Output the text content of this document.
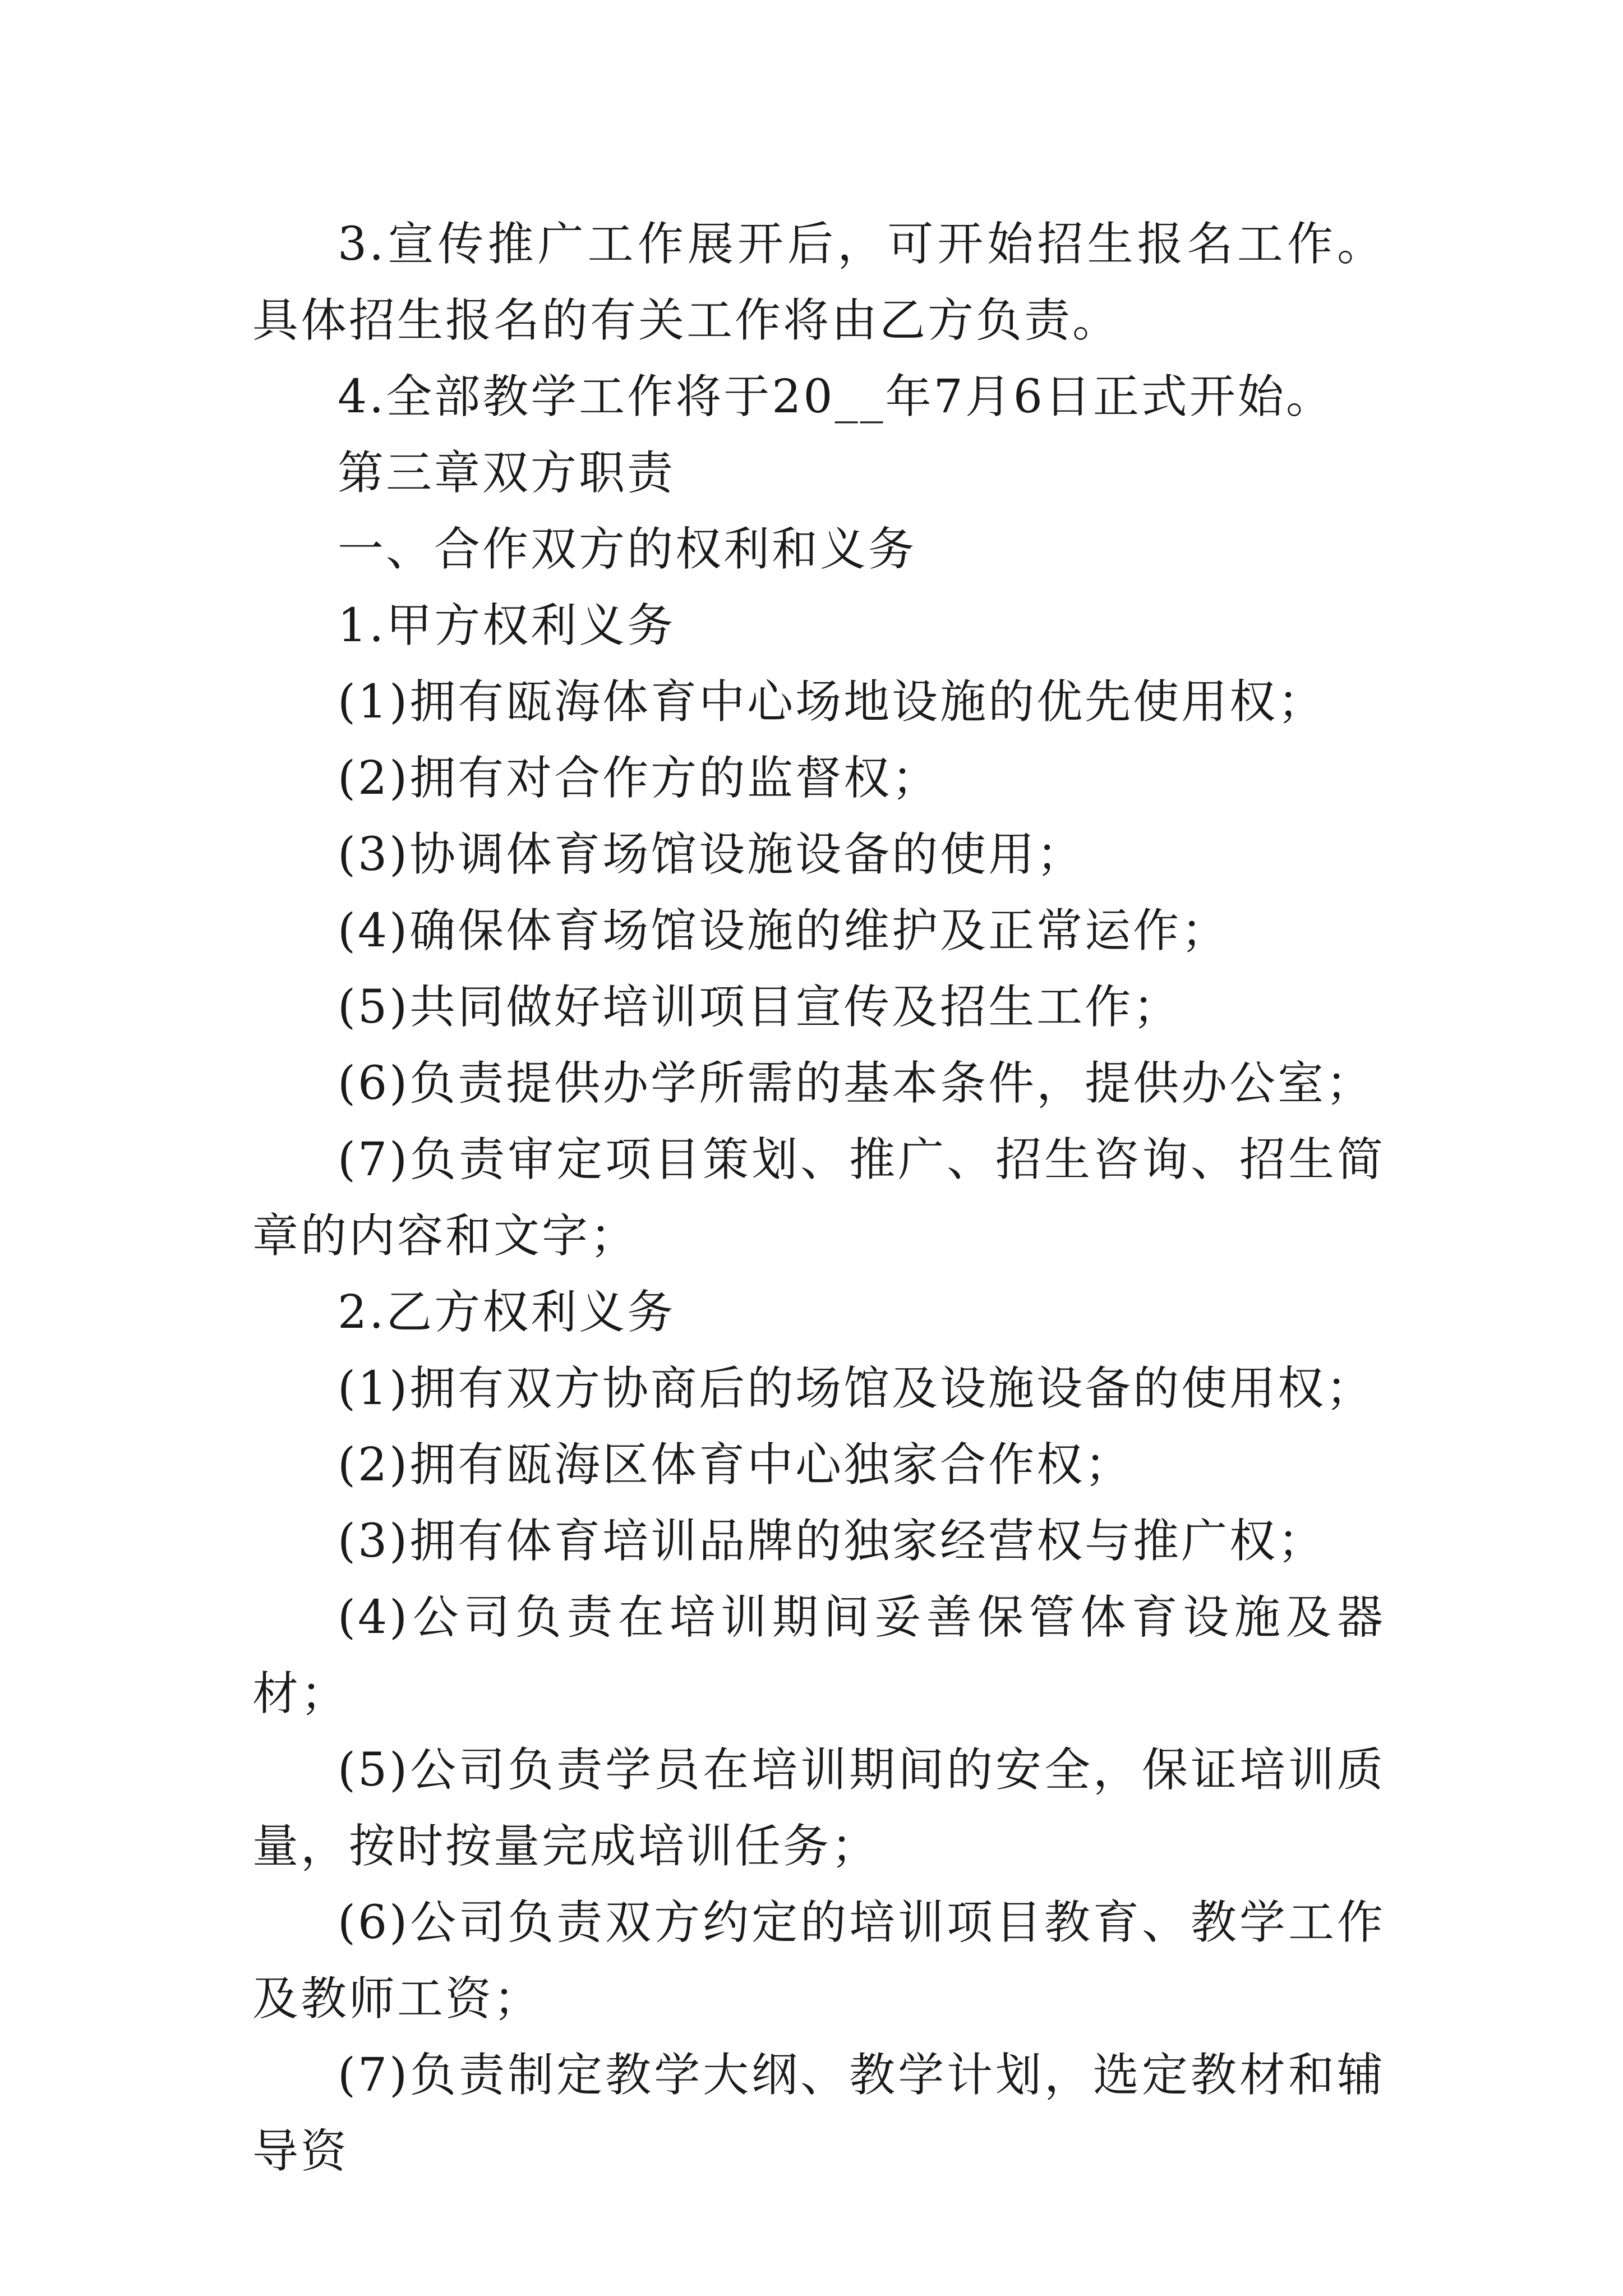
3.宣传推广工作展开后，可开始招生报名工作。具体招生报名的有关工作将由乙方负责。

4.全部教学工作将于20__年7月6日正式开始。

第三章双方职责

一、合作双方的权利和义务

1.甲方权利义务

(1)拥有瓯海体育中心场地设施的优先使用权；

(2)拥有对合作方的监督权；

(3)协调体育场馆设施设备的使用；

(4)确保体育场馆设施的维护及正常运作；

(5)共同做好培训项目宣传及招生工作；

(6)负责提供办学所需的基本条件，提供办公室；

(7)负责审定项目策划、推广、招生咨询、招生简章的内容和文字；

2.乙方权利义务

(1)拥有双方协商后的场馆及设施设备的使用权；

(2)拥有瓯海区体育中心独家合作权；

(3)拥有体育培训品牌的独家经营权与推广权；

(4)公司负责在培训期间妥善保管体育设施及器材；

(5)公司负责学员在培训期间的安全，保证培训质量，按时按量完成培训任务；

(6)公司负责双方约定的培训项目教育、教学工作及教师工资；

(7)负责制定教学大纲、教学计划，选定教材和辅导资
